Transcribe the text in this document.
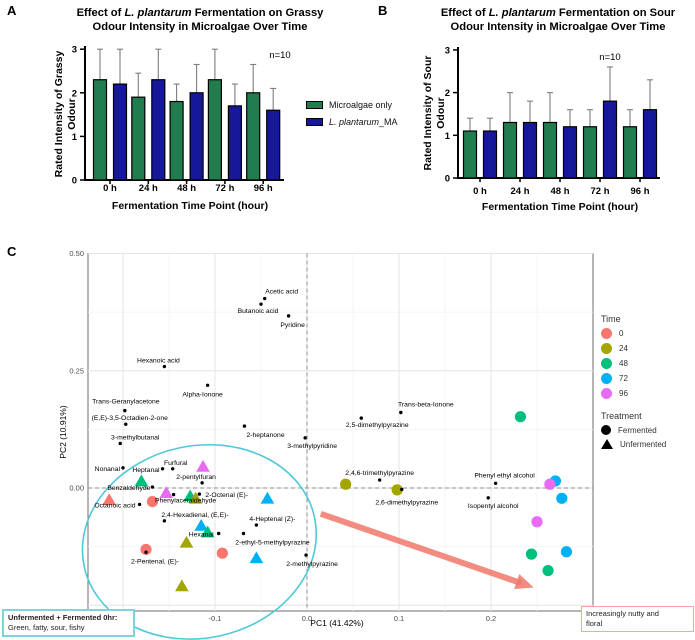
Effect of L. plantarum Fermentation on Grassy
Odour Intensity in Microalgae Over Time
0
1
2
3
0 h 24 h 48 h 72 h 96 h
Rated Intensity of Grassy Odour
Fermentation Time Point (hour)
n=10
Effect of L. plantarum Fermentation on Sour
Odour Intensity in Microalgae Over Time
0
1
2
3
0 h 24 h 48 h 72 h 96 h
Rated Intensity of Sour Odour
Fermentation Time Point (hour)
n=10
Acetic acid
Butanoic acid
Pyridine
Hexanoic acid
Alpha-Ionone
Trans-Geranylacetone
(E,E)-3,5-Octadien-2-one
3-methylbutanal	2-heptanone
3-methylpyridine
2,5-dimethylpyrazine
Trans-beta-Ionone
2,4,6-trimethylpyrazine
2,6-dimethylpyrazine
Phenyl ethyl alcohol
Isopentyl alcohol
Nonanal Heptanal
Furfural
Benzaldehyde
2-pentylfuran
2-Octenal (E)-
Octanoic acid
Phenylacetaldehyde
2,4-Hexadienal, (E,E)-
4-Heptenal (Z)-
Hexanal
2-ethyl-5-methylpyrazine
2-methylpyrazine
2-Pentenal, (E)-
-0.1	0.0	0.1	0.2
0.00
0.25
0.50
PC1 (41.42%)
PC2 (10.91%)
A	B
C
Microalgae only
L. plantarum_MA
Time
0
24
48
72
96
Treatment
Fermented
Unfermented
Unfermented + Fermented 0hr:
Green, fatty, sour, fishy
Increasingly nutty and
floral
